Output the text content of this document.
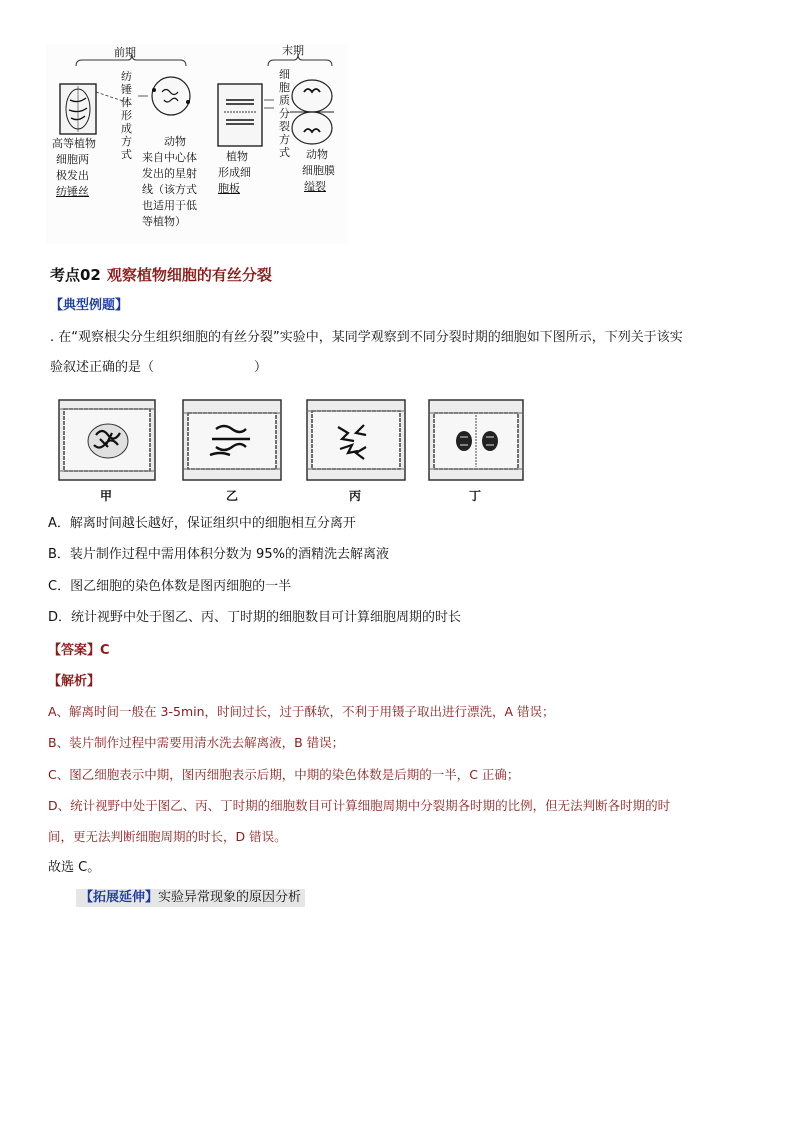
前期	末期
纺锤体形成方式
细胞质分裂方式
高等植物
细胞两
极发出
纺锤丝
动物
来自中心体
发出的星射
线（该方式
也适用于低
等植物）
植物
形成细
胞板
动物
细胞膜
缢裂
考点02 观察植物细胞的有丝分裂
【典型例题】
. 在“观察根尖分生组织细胞的有丝分裂”实验中，某同学观察到不同分裂时期的细胞如下图所示，下列关于该实
验叙述正确的是（	）
甲	乙	丙	丁
A．解离时间越长越好，保证组织中的细胞相互分离开
B．装片制作过程中需用体积分数为 95%的酒精洗去解离液
C．图乙细胞的染色体数是图丙细胞的一半
D．统计视野中处于图乙、丙、丁时期的细胞数目可计算细胞周期的时长
【答案】C
【解析】
A、解离时间一般在 3-5min，时间过长，过于酥软，不利于用镊子取出进行漂洗，A 错误；
B、装片制作过程中需要用清水洗去解离液，B 错误；
C、图乙细胞表示中期，图丙细胞表示后期，中期的染色体数是后期的一半，C 正确；
D、统计视野中处于图乙、丙、丁时期的细胞数目可计算细胞周期中分裂期各时期的比例，但无法判断各时期的时
间，更无法判断细胞周期的时长，D 错误。
故选 C。
【拓展延伸】实验异常现象的原因分析
